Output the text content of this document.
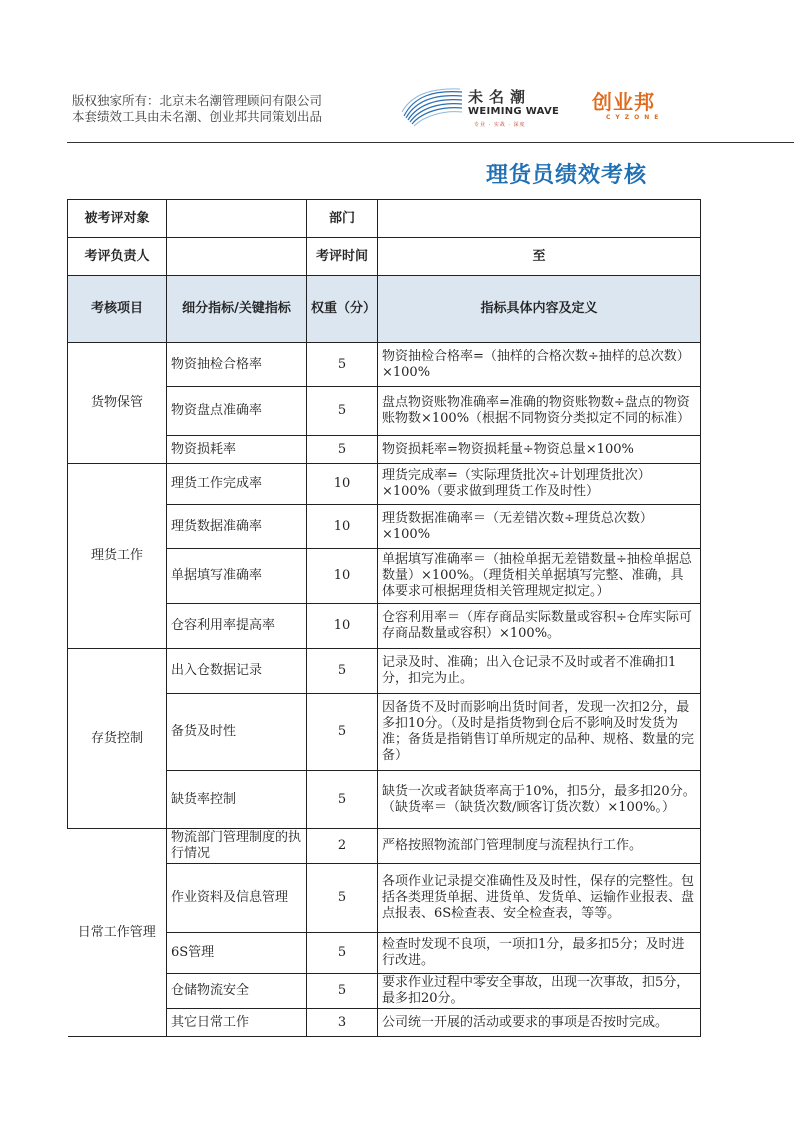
版权独家所有：北京未名潮管理顾问有限公司
本套绩效工具由未名潮、创业邦共同策划出品
未名潮
WEIMING WAVE
专业 · 实战 · 深度
创业邦
CYZONE
理货员绩效考核
被考评对象		部门	
考评负责人		考评时间	至
考核项目	细分指标/关键指标	权重（分）	指标具体内容及定义
货物保管	物资抽检合格率	5	物资抽检合格率=（抽样的合格次数÷抽样的总次数）×100%

	物资盘点准确率	5	盘点物资账物准确率=准确的物资账物数÷盘点的物资账物数×100%（根据不同物资分类拟定不同的标准）

	物资损耗率	5	物资损耗率=物资损耗量÷物资总量×100%

理货工作	理货工作完成率	10	理货完成率=（实际理货批次÷计划理货批次）×100%（要求做到理货工作及时性）

	理货数据准确率	10	理货数据准确率＝（无差错次数÷理货总次数）×100%

	单据填写准确率	10	单据填写准确率＝（抽检单据无差错数量÷抽检单据总数量）×100%。（理货相关单据填写完整、准确，具体要求可根据理货相关管理规定拟定。）

	仓容利用率提高率	10	仓容利用率＝（库存商品实际数量或容积÷仓库实际可存商品数量或容积）×100%。

存货控制	出入仓数据记录	5	记录及时、准确；出入仓记录不及时或者不准确扣1分，扣完为止。

	备货及时性	5	因备货不及时而影响出货时间者，发现一次扣2分，最多扣10分。（及时是指货物到仓后不影响及时发货为准；备货是指销售订单所规定的品种、规格、数量的完备）

	缺货率控制	5	缺货一次或者缺货率高于10%，扣5分，最多扣20分。（缺货率＝（缺货次数/顾客订货次数）×100%。）

日常工作管理	物流部门管理制度的执行情况	2	严格按照物流部门管理制度与流程执行工作。

	作业资料及信息管理	5	各项作业记录提交准确性及及时性，保存的完整性。包括各类理货单据、进货单、发货单、运输作业报表、盘点报表、6S检查表、安全检查表，等等。

	6S管理	5	检查时发现不良项，一项扣1分，最多扣5分；及时进行改进。

	仓储物流安全	5	要求作业过程中零安全事故，出现一次事故，扣5分，最多扣20分。

	其它日常工作	3	公司统一开展的活动或要求的事项是否按时完成。
